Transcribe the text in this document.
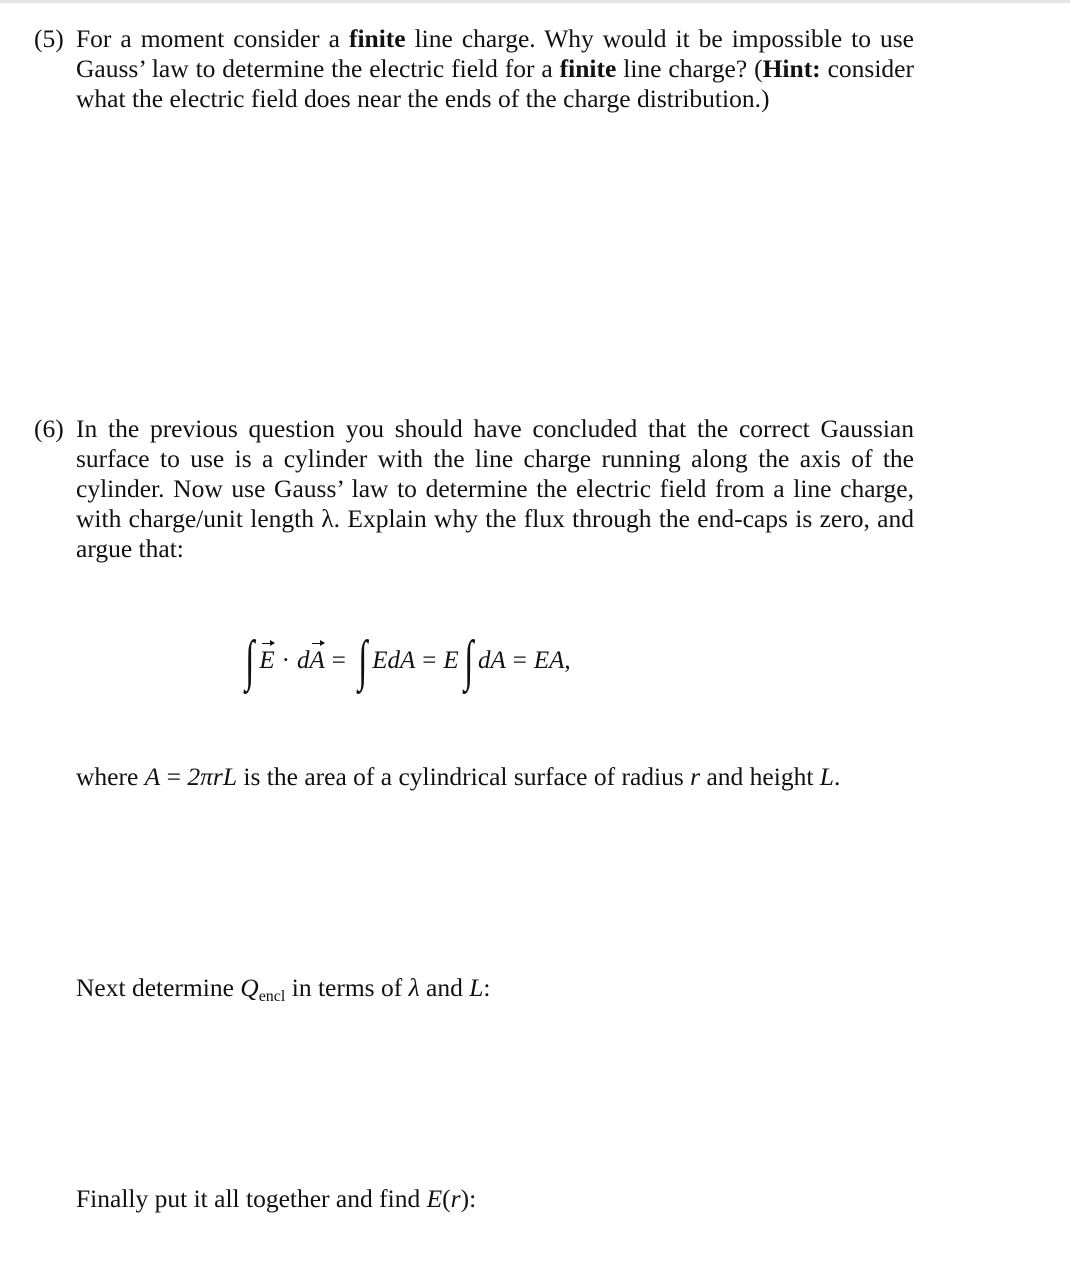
(5) For a moment consider a finite line charge. Why would it be impossible to use Gauss’ law to determine the electric field for a finite line charge? (Hint: consider what the electric field does near the ends of the charge distribution.)
(6) In the previous question you should have concluded that the correct Gaussian surface to use is a cylinder with the line charge running along the axis of the cylinder. Now use Gauss’ law to determine the electric field from a line charge, with charge/unit length λ. Explain why the flux through the end-caps is zero, and argue that:
∫ E · d A = ∫ EdA = E ∫ dA = EA ,
where A = 2πrL is the area of a cylindrical surface of radius r and height L.
Next determine $Q_{encl}$ in terms of λ and L:
Finally put it all together and find E(r):
